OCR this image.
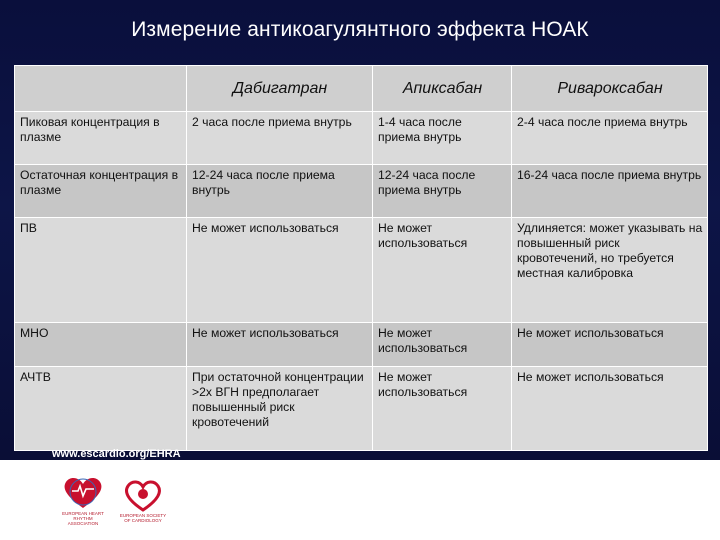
Измерение антикоагулянтного эффекта НОАК
	Дабигатран	Апиксабан	Ривароксабан
Пиковая концентрация в плазме	2 часа после приема внутрь	1-4 часа после приема внутрь	2-4 часа после приема внутрь
Остаточная концентрация в плазме	12-24 часа после приема внутрь	12-24 часа после приема внутрь	16-24 часа после приема внутрь
ПВ	Не может использоваться	Не может использоваться	Удлиняется: может указывать на повышенный риск кровотечений, но требуется местная калибровка
МНО	Не может использоваться	Не может использоваться	Не может использоваться
АЧТВ	При остаточной концентрации >2х ВГН предполагает повышенный риск кровотечений	Не может использоваться	Не может использоваться
www.escardio.org/EHRA
EUROPEAN HEART RHYTHM ASSOCIATION
EUROPEAN SOCIETY OF CARDIOLOGY
